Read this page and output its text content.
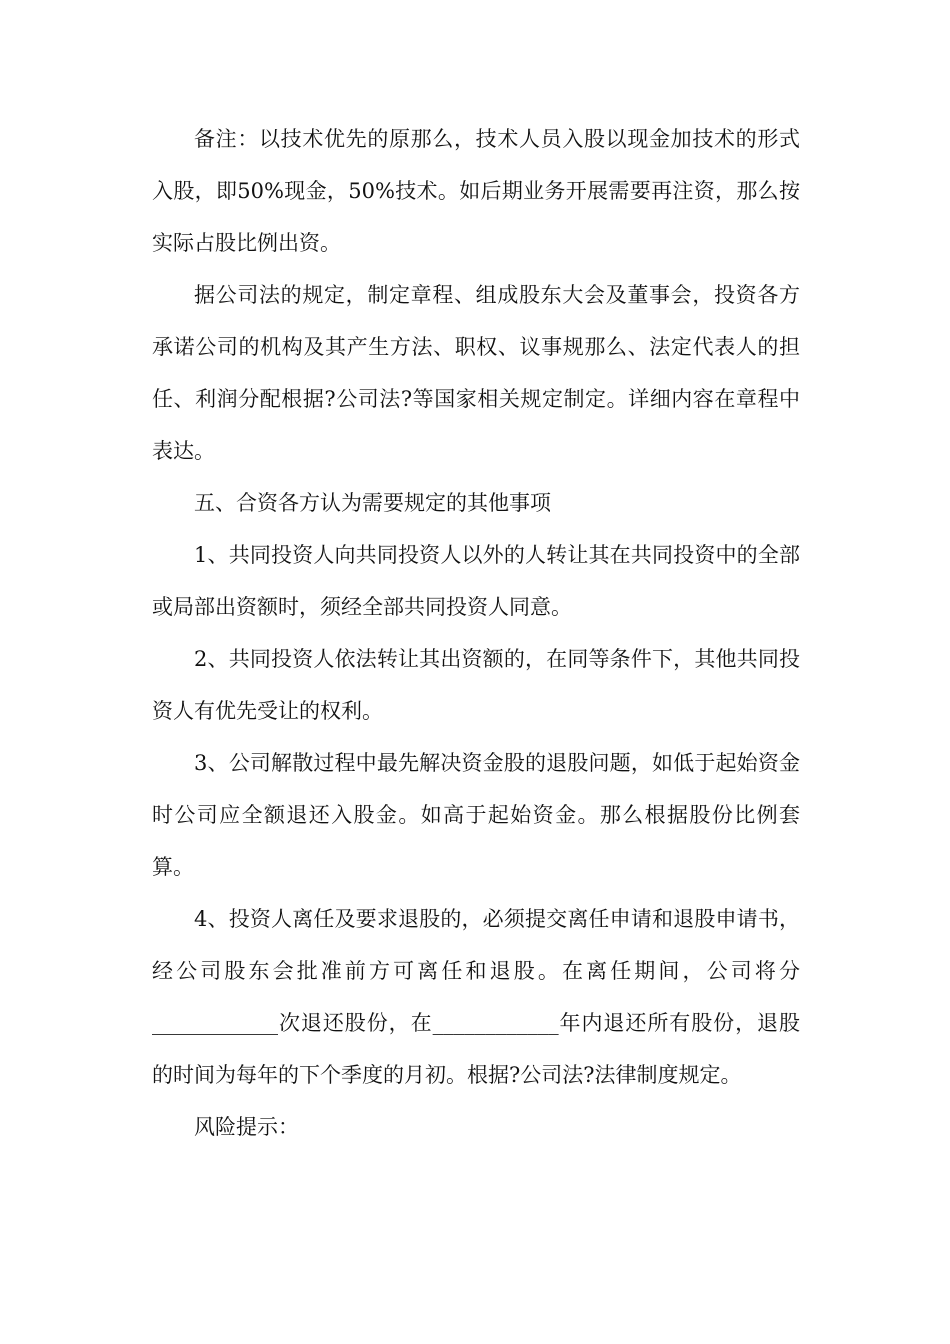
备注：以技术优先的原那么，技术人员入股以现金加技术的形式入股，即50%现金，50%技术。如后期业务开展需要再注资，那么按实际占股比例出资。

据公司法的规定，制定章程、组成股东大会及董事会，投资各方承诺公司的机构及其产生方法、职权、议事规那么、法定代表人的担任、利润分配根据?公司法?等国家相关规定制定。详细内容在章程中表达。

五、合资各方认为需要规定的其他事项

1、共同投资人向共同投资人以外的人转让其在共同投资中的全部或局部出资额时，须经全部共同投资人同意。

2、共同投资人依法转让其出资额的，在同等条件下，其他共同投资人有优先受让的权利。

3、公司解散过程中最先解决资金股的退股问题，如低于起始资金时公司应全额退还入股金。如高于起始资金。那么根据股份比例套算。

4、投资人离任及要求退股的，必须提交离任申请和退股申请书，经公司股东会批准前方可离任和退股。在离任期间，公司将分____________次退还股份，在____________年内退还所有股份，退股的时间为每年的下个季度的月初。根据?公司法?法律制度规定。

风险提示：
